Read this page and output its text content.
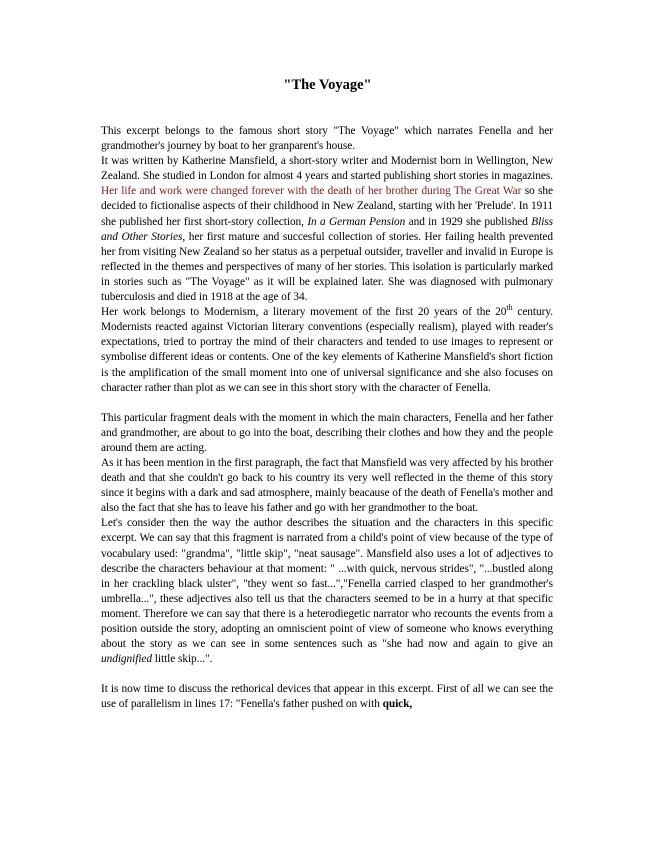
"The Voyage"

This excerpt belongs to the famous short story "The Voyage" which narrates Fenella and her grandmother's journey by boat to her granparent's house.

It was written by Katherine Mansfield, a short-story writer and Modernist born in Wellington, New Zealand. She studied in London for almost 4 years and started publishing short stories in magazines. Her life and work were changed forever with the death of her brother during The Great War so she decided to fictionalise aspects of their childhood in New Zealand, starting with her 'Prelude'. In 1911 she published her first short-story collection, In a German Pension and in 1929 she published Bliss and Other Stories, her first mature and succesful collection of stories. Her failing health prevented her from visiting New Zealand so her status as a perpetual outsider, traveller and invalid in Europe is reflected in the themes and perspectives of many of her stories. This isolation is particularly marked in stories such as "The Voyage" as it will be explained later. She was diagnosed with pulmonary tuberculosis and died in 1918 at the age of 34.

Her work belongs to Modernism, a literary movement of the first 20 years of the 20th century. Modernists reacted against Victorian literary conventions (especially realism), played with reader's expectations, tried to portray the mind of their characters and tended to use images to represent or symbolise different ideas or contents. One of the key elements of Katherine Mansfield's short fiction is the amplification of the small moment into one of universal significance and she also focuses on character rather than plot as we can see in this short story with the character of Fenella.

This particular fragment deals with the moment in which the main characters, Fenella and her father and grandmother, are about to go into the boat, describing their clothes and how they and the people around them are acting.

As it has been mention in the first paragraph, the fact that Mansfield was very affected by his brother death and that she couldn't go back to his country its very well reflected in the theme of this story since it begins with a dark and sad atmosphere, mainly beacause of the death of Fenella's mother and also the fact that she has to leave his father and go with her grandmother to the boat.

Let's consider then the way the author describes the situation and the characters in this specific excerpt. We can say that this fragment is narrated from a child's point of view because of the type of vocabulary used: "grandma", "little skip", "neat sausage". Mansfield also uses a lot of adjectives to describe the characters behaviour at that moment: " ...with quick, nervous strides", "...bustled along in her crackling black ulster", "they went so fast...","Fenella carried clasped to her grandmother's umbrella...", these adjectives also tell us that the characters seemed to be in a hurry at that specific moment. Therefore we can say that there is a heterodiegetic narrator who recounts the events from a position outside the story, adopting an omniscient point of view of someone who knows everything about the story as we can see in some sentences such as "she had now and again to give an undignified little skip...".

It is now time to discuss the rethorical devices that appear in this excerpt. First of all we can see the use of parallelism in lines 17: "Fenella's father pushed on with quick,
